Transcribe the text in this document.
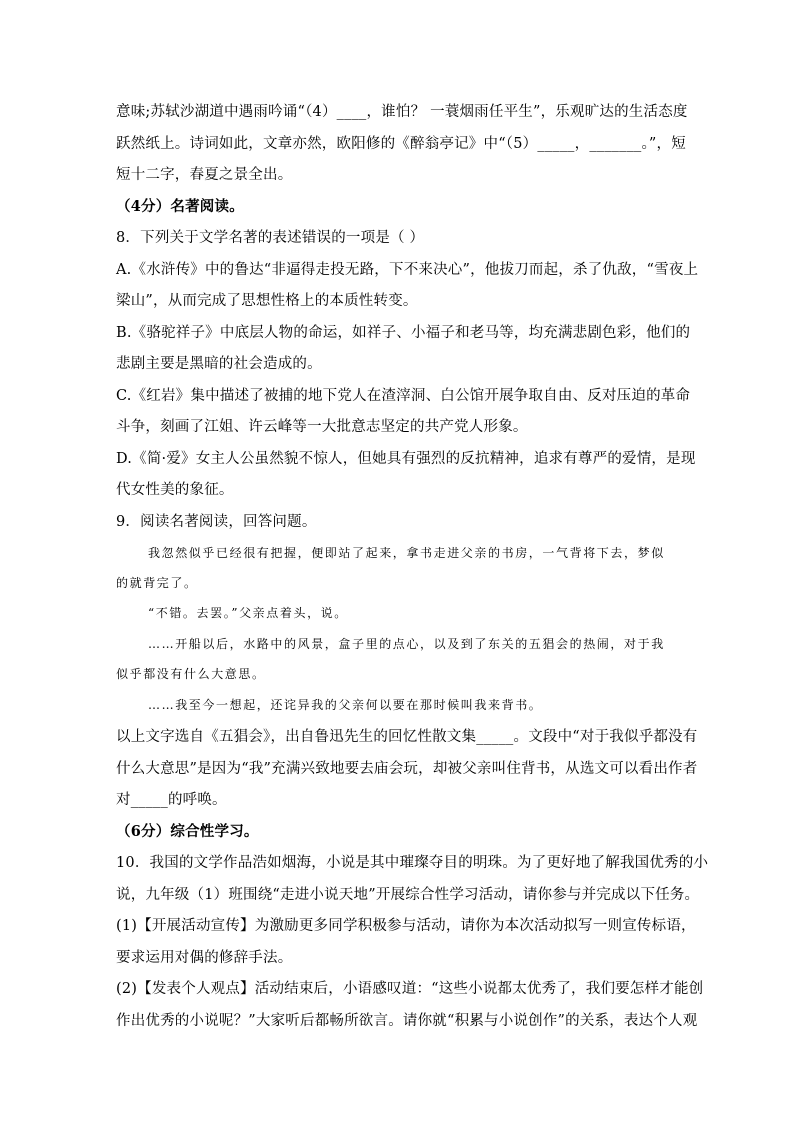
意味;苏轼沙湖道中遇雨吟诵“（4）____，谁怕？ 一蓑烟雨任平生”，乐观旷达的生活态度
跃然纸上。诗词如此，文章亦然，欧阳修的《醉翁亭记》中“（5）_____，_______。”，短
短十二字，春夏之景全出。
（4分）名著阅读。
8．下列关于文学名著的表述错误的一项是（ ）
A.《水浒传》中的鲁达“非逼得走投无路，下不来决心”，他拔刀而起，杀了仇敌，“雪夜上
梁山”，从而完成了思想性格上的本质性转变。
B.《骆驼祥子》中底层人物的命运，如祥子、小福子和老马等，均充满悲剧色彩，他们的
悲剧主要是黑暗的社会造成的。
C.《红岩》集中描述了被捕的地下党人在渣滓洞、白公馆开展争取自由、反对压迫的革命
斗争，刻画了江姐、许云峰等一大批意志坚定的共产党人形象。
D.《简·爱》女主人公虽然貌不惊人，但她具有强烈的反抗精神，追求有尊严的爱情，是现
代女性美的象征。
9．阅读名著阅读，回答问题。
我忽然似乎已经很有把握，便即站了起来，拿书走进父亲的书房，一气背将下去，梦似
的就背完了。
“不错。去罢。”父亲点着头，说。
……开船以后，水路中的风景，盒子里的点心，以及到了东关的五猖会的热闹，对于我
似乎都没有什么大意思。
……我至今一想起，还诧异我的父亲何以要在那时候叫我来背书。
以上文字选自《五猖会》，出自鲁迅先生的回忆性散文集_____。文段中“对于我似乎都没有
什么大意思”是因为“我”充满兴致地要去庙会玩，却被父亲叫住背书，从选文可以看出作者
对_____的呼唤。
（6分）综合性学习。
10．我国的文学作品浩如烟海，小说是其中璀璨夺目的明珠。为了更好地了解我国优秀的小
说，九年级（1）班围绕“走进小说天地”开展综合性学习活动，请你参与并完成以下任务。
(1)【开展活动宣传】为激励更多同学积极参与活动，请你为本次活动拟写一则宣传标语，
要求运用对偶的修辞手法。
(2)【发表个人观点】活动结束后，小语感叹道：“这些小说都太优秀了，我们要怎样才能创
作出优秀的小说呢？”大家听后都畅所欲言。请你就“积累与小说创作”的关系，表达个人观
